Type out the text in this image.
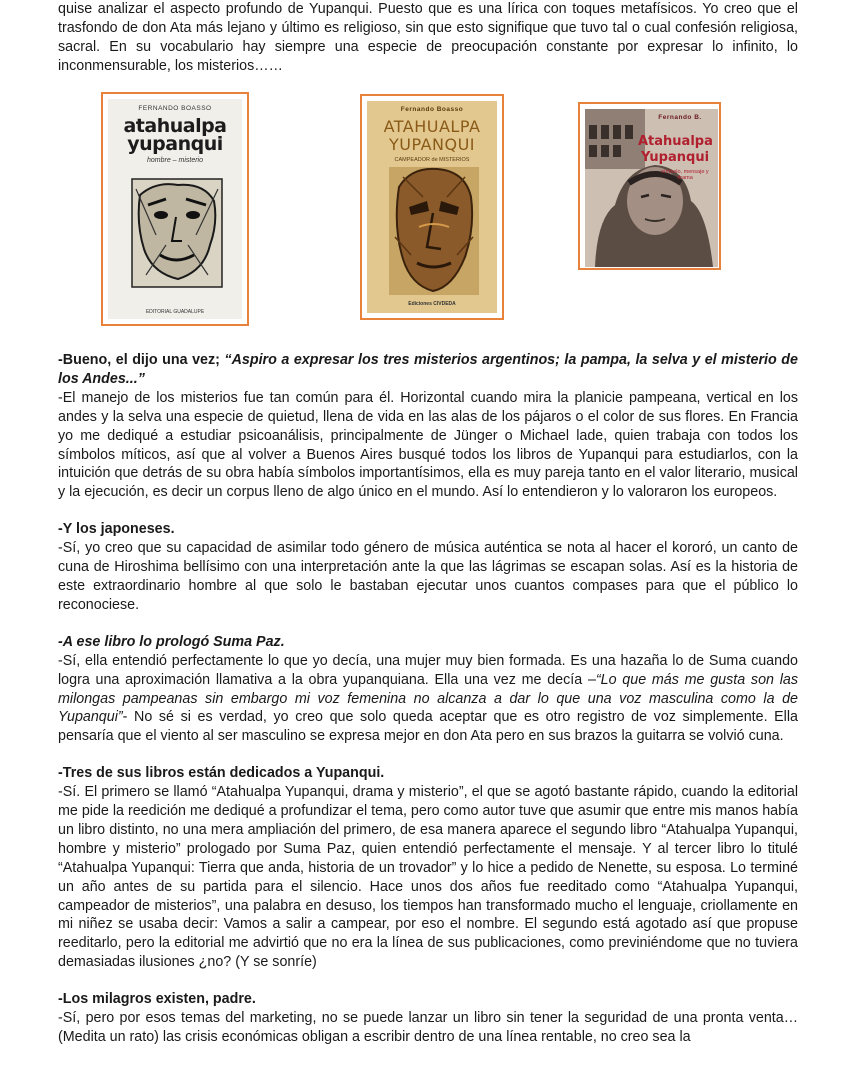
quise analizar el aspecto profundo de Yupanqui. Puesto que es una lírica con toques metafísicos. Yo creo que el trasfondo de don Ata más lejano y último es religioso, sin que esto signifique que tuvo tal o cual confesión religiosa, sacral. En su vocabulario hay siempre una especie de preocupación constante por expresar lo infinito, lo inconmensurable, los misterios……

FERNANDO BOASSO
atahualpa
yupanqui
hombre – misterio
EDITORIAL GUADALUPE
Fernando Boasso
ATAHUALPA
YUPANQUI
CAMPEADOR de MISTERIOS
Ediciones CIVDEDA
Fernando B.
Atahualpa
Yupanqui
símbolo, mensaje y drama
-Bueno, el dijo una vez; “Aspiro a expresar los tres misterios argentinos; la pampa, la selva y el misterio de los Andes...”

-El manejo de los misterios fue tan común para él. Horizontal cuando mira la planicie pampeana, vertical en los andes y la selva una especie de quietud, llena de vida en las alas de los pájaros o el color de sus flores. En Francia yo me dediqué a estudiar psicoanálisis, principalmente de Jünger o Michael lade, quien trabaja con todos los símbolos míticos, así que al volver a Buenos Aires busqué todos los libros de Yupanqui para estudiarlos, con la intuición que detrás de su obra había símbolos importantísimos, ella es muy pareja tanto en el valor literario, musical y la ejecución, es decir un corpus lleno de algo único en el mundo. Así lo entendieron y lo valoraron los europeos.

-Y los japoneses.

-Sí, yo creo que su capacidad de asimilar todo género de música auténtica se nota al hacer el kororó, un canto de cuna de Hiroshima bellísimo con una interpretación ante la que las lágrimas se escapan solas. Así es la historia de este extraordinario hombre al que solo le bastaban ejecutar unos cuantos compases para que el público lo reconociese.

-A ese libro lo prologó Suma Paz.

-Sí, ella entendió perfectamente lo que yo decía, una mujer muy bien formada. Es una hazaña lo de Suma cuando logra una aproximación llamativa a la obra yupanquiana. Ella una vez me decía –“Lo que más me gusta son las milongas pampeanas sin embargo mi voz femenina no alcanza a dar lo que una voz masculina como la de Yupanqui”- No sé si es verdad, yo creo que solo queda aceptar que es otro registro de voz simplemente. Ella pensaría que el viento al ser masculino se expresa mejor en don Ata pero en sus brazos la guitarra se volvió cuna.

-Tres de sus libros están dedicados a Yupanqui.

-Sí. El primero se llamó “Atahualpa Yupanqui, drama y misterio”, el que se agotó bastante rápido, cuando la editorial me pide la reedición me dediqué a profundizar el tema, pero como autor tuve que asumir que entre mis manos había un libro distinto, no una mera ampliación del primero, de esa manera aparece el segundo libro “Atahualpa Yupanqui, hombre y misterio” prologado por Suma Paz, quien entendió perfectamente el mensaje. Y al tercer libro lo titulé “Atahualpa Yupanqui: Tierra que anda, historia de un trovador” y lo hice a pedido de Nenette, su esposa. Lo terminé un año antes de su partida para el silencio. Hace unos dos años fue reeditado como “Atahualpa Yupanqui, campeador de misterios”, una palabra en desuso, los tiempos han transformado mucho el lenguaje, criollamente en mi niñez se usaba decir: Vamos a salir a campear, por eso el nombre. El segundo está agotado así que propuse reeditarlo, pero la editorial me advirtió que no era la línea de sus publicaciones, como previniéndome que no tuviera demasiadas ilusiones ¿no? (Y se sonríe)

-Los milagros existen, padre.

-Sí, pero por esos temas del marketing, no se puede lanzar un libro sin tener la seguridad de una pronta venta… (Medita un rato) las crisis económicas obligan a escribir dentro de una línea rentable, no creo sea la
